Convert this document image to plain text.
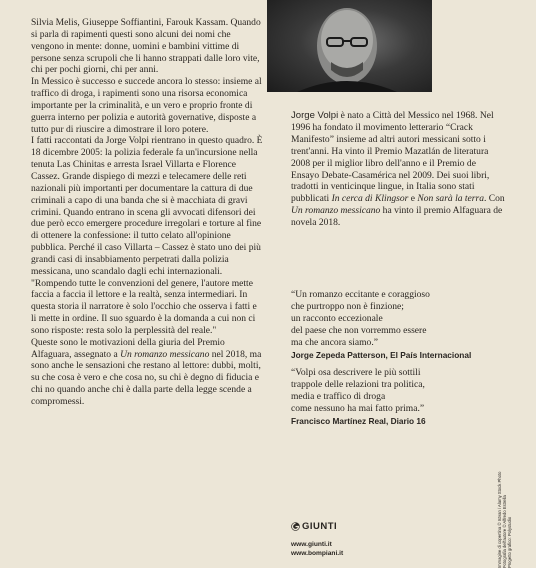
Silvia Melis, Giuseppe Soffiantini, Farouk Kassam. Quando si parla di rapimenti questi sono alcuni dei nomi che vengono in mente: donne, uomini e bambini vittime di persone senza scrupoli che li hanno strappati dalle loro vite, chi per pochi giorni, chi per anni.

In Messico è successo e succede ancora lo stesso: insieme al traffico di droga, i rapimenti sono una risorsa economica importante per la criminalità, e un vero e proprio fronte di guerra interno per polizia e autorità governative, disposte a tutto pur di riuscire a dimostrare il loro potere.

I fatti raccontati da Jorge Volpi rientrano in questo quadro. È 18 dicembre 2005: la polizia federale fa un'incursione nella tenuta Las Chinitas e arresta Israel Villarta e Florence Cassez. Grande dispiego di mezzi e telecamere delle reti nazionali più importanti per documentare la cattura di due criminali a capo di una banda che si è macchiata di gravi crimini. Quando entrano in scena gli avvocati difensori dei due però ecco emergere procedure irregolari e torture al fine di ottenere la confessione: il tutto celato all'opinione pubblica. Perché il caso Villarta – Cassez è stato uno dei più grandi casi di insabbiamento perpetrati dalla polizia messicana, uno scandalo dagli echi internazionali.

"Rompendo tutte le convenzioni del genere, l'autore mette faccia a faccia il lettore e la realtà, senza intermediari. In questa storia il narratore è solo l'occhio che osserva i fatti e li mette in ordine. Il suo sguardo è la domanda a cui non ci sono risposte: resta solo la perplessità del reale."

Queste sono le motivazioni della giuria del Premio Alfaguara, assegnato a Un romanzo messicano nel 2018, ma sono anche le sensazioni che restano al lettore: dubbi, molti, su che cosa è vero e che cosa no, su chi è degno di fiducia e chi no quando anche chi è dalla parte della legge scende a compromessi.

Jorge Volpi è nato a Città del Messico nel 1968. Nel 1996 ha fondato il movimento letterario “Crack Manifesto” insieme ad altri autori messicani sotto i trent'anni. Ha vinto il Premio Mazatlán de literatura 2008 per il miglior libro dell'anno e il Premio de Ensayo Debate-Casamérica nel 2009. Dei suoi libri, tradotti in venticinque lingue, in Italia sono stati pubblicati In cerca di Klingsor e Non sarà la terra. Con Un romanzo messicano ha vinto il premio Alfaguara de novela 2018.

“Un romanzo eccitante e coraggioso
che purtroppo non è finzione;
un racconto eccezionale
del paese che non vorremmo essere
ma che ancora siamo.”

Jorge Zepeda Patterson, El País Internacional

“Volpi osa descrivere le più sottili
trappole delle relazioni tra politica,
media e traffico di droga
come nessuno ha mai fatto prima.”

Francisco Martínez Real, Diario 16

GIUNTI
www.giunti.it
www.bompiani.it	Immagine di copertina © Istvan / Alamy Stock Photo Fotografia dell'autore © Alfredo Estrella Progetto grafico: Polystudio
